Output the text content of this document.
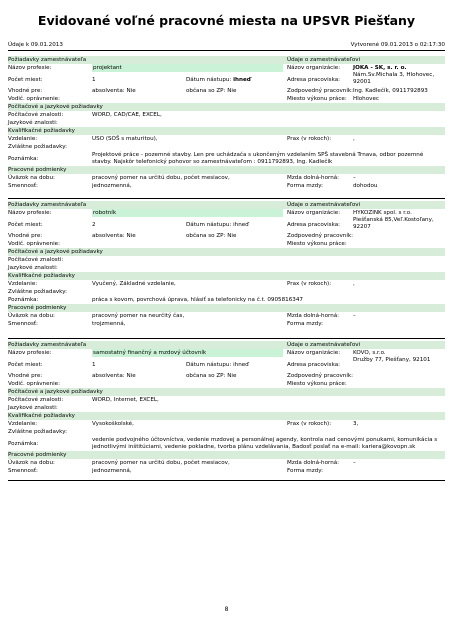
Evidované voľné pracovné miesta na UPSVR Piešťany
Údaje k 09.01.2013	Vytvorené 09.01.2013 o 02:17:30
Požiadavky zamestnávateľa	Údaje o zamestnávateľovi
Názov profesie:	projektant	Názov organizácie: JOKA - SK, s. r. o.
Počet miest:	1	Dátum nástupu: ihneď	Adresa pracoviska:
Nám.Sv.Michala 3, Hlohovec, 92001
Vhodné pre:	absolventa: Nie	občana so ZP: Nie	Zodpovedný pracovník: Ing. Kadlečík, 0911792893
Vodič. oprávnenie:	Miesto výkonu práce: Hlohovec
Počítačové a jazykové požiadavky
Počítačové znalosti:	WORD, CAD/CAE, EXCEL,
Jazykové znalosti:
Kvalifikačné požiadavky
Vzdelanie:	USO (SOŠ s maturitou),	Prax (v rokoch):	,
Zvláštne požiadavky:
Poznámka:
Projektové práce - pozemné stavby. Len pre uchádzača s ukončeným vzdelaním SPŠ stavebná Trnava, odbor pozemné stavby. Najskôr telefonický pohovor so zamestnávateľom : 0911792893, Ing. Kadlečík
Pracovné podmienky
Úväzok na dobu:	pracovný pomer na určitú dobu, počet mesiacov,	Mzda dolná-horná: –
Smennosť:	jednozmenná,	Forma mzdy:	dohodou
Požiadavky zamestnávateľa	Údaje o zamestnávateľovi
Názov profesie:	robotník	Názov organizácie: HYKOZINK spol. s r.o.
Počet miest:	2	Dátum nástupu: ihneď	Adresa pracoviska:
Piešťanská 85,Veľ.Kostoľany, 92207
Vhodné pre:	absolventa: Nie	občana so ZP: Nie	Zodpovedný pracovník:
Vodič. oprávnenie:	Miesto výkonu práce:
Počítačové a jazykové požiadavky
Počítačové znalosti:
Jazykové znalosti:
Kvalifikačné požiadavky
Vzdelanie:	Vyučený, Základné vzdelanie,	Prax (v rokoch):	,
Zvláštne požiadavky:
Poznámka:	práca s kovom, povrchová úprava, hlásiť sa telefonicky na č.t. 0905816347
Pracovné podmienky
Úväzok na dobu:	pracovný pomer na neurčitý čas,	Mzda dolná-horná: –
Smennosť:	trojzmenná,	Forma mzdy:
Požiadavky zamestnávateľa	Údaje o zamestnávateľovi
Názov profesie:	samostatný finančný a mzdový účtovník	Názov organizácie: KOVO, s.r.o.
Počet miest:	1	Dátum nástupu: ihneď	Adresa pracoviska:
Družby 77, Piešťany, 92101
Vhodné pre:	absolventa: Nie	občana so ZP: Nie	Zodpovedný pracovník:
Vodič. oprávnenie:	Miesto výkonu práce:
Počítačové a jazykové požiadavky
Počítačové znalosti:	WORD, Internet, EXCEL,
Jazykové znalosti:
Kvalifikačné požiadavky
Vzdelanie:	Vysokoškolské,	Prax (v rokoch):	3,
Zvláštne požiadavky:
Poznámka:
vedenie podvojného účtovníctva, vedenie mzdovej a personálnej agendy, kontrola nad cenovými ponukami, komunikácia s jednotlivými inštitúciami, vedenie pokladne, tvorba plánu vzdelávania, Badosť poslať na e-mail: kariera@kovopn.sk
Pracovné podmienky
Úväzok na dobu:	pracovný pomer na určitú dobu, počet mesiacov,	Mzda dolná-horná: –
Smennosť:	jednozmenná,	Forma mzdy:
8
